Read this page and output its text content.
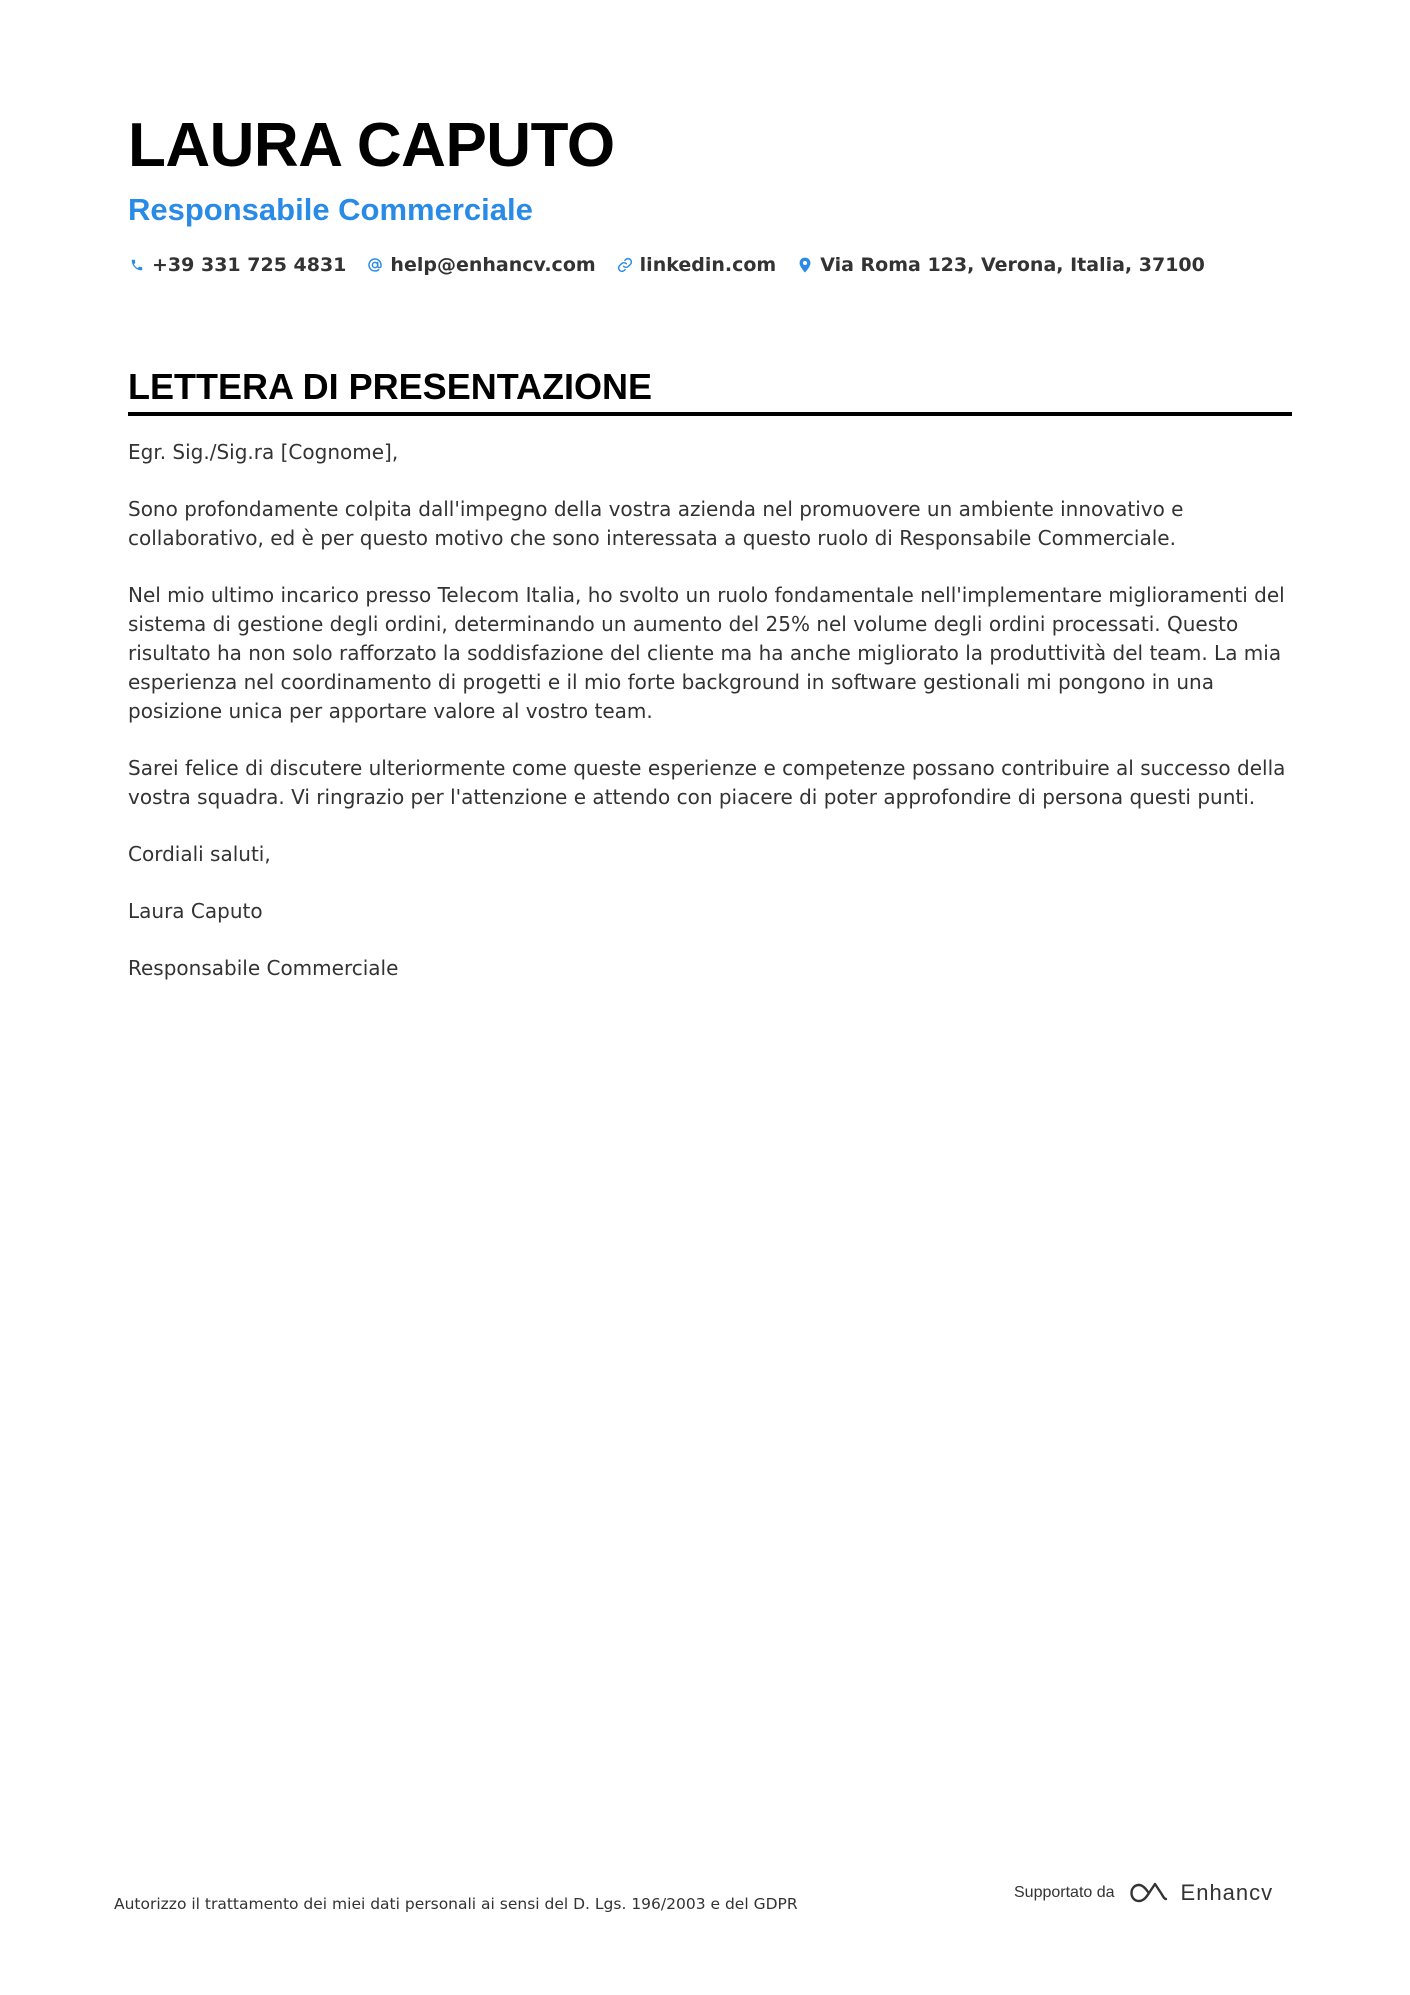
LAURA CAPUTO
Responsabile Commerciale
+39 331 725 4831 help@enhancv.com linkedin.com Via Roma 123, Verona, Italia, 37100
LETTERA DI PRESENTAZIONE

Egr. Sig./Sig.ra [Cognome],

Sono profondamente colpita dall'impegno della vostra azienda nel promuovere un ambiente innovativo e collaborativo, ed è per questo motivo che sono interessata a questo ruolo di Responsabile Commerciale.

Nel mio ultimo incarico presso Telecom Italia, ho svolto un ruolo fondamentale nell'implementare miglioramenti del sistema di gestione degli ordini, determinando un aumento del 25% nel volume degli ordini processati. Questo risultato ha non solo rafforzato la soddisfazione del cliente ma ha anche migliorato la produttività del team. La mia esperienza nel coordinamento di progetti e il mio forte background in software gestionali mi pongono in una posizione unica per apportare valore al vostro team.

Sarei felice di discutere ulteriormente come queste esperienze e competenze possano contribuire al successo della vostra squadra. Vi ringrazio per l'attenzione e attendo con piacere di poter approfondire di persona questi punti.

Cordiali saluti,

Laura Caputo

Responsabile Commerciale

Autorizzo il trattamento dei miei dati personali ai sensi del D. Lgs. 196/2003 e del GDPR
Supportato da	Enhancv
